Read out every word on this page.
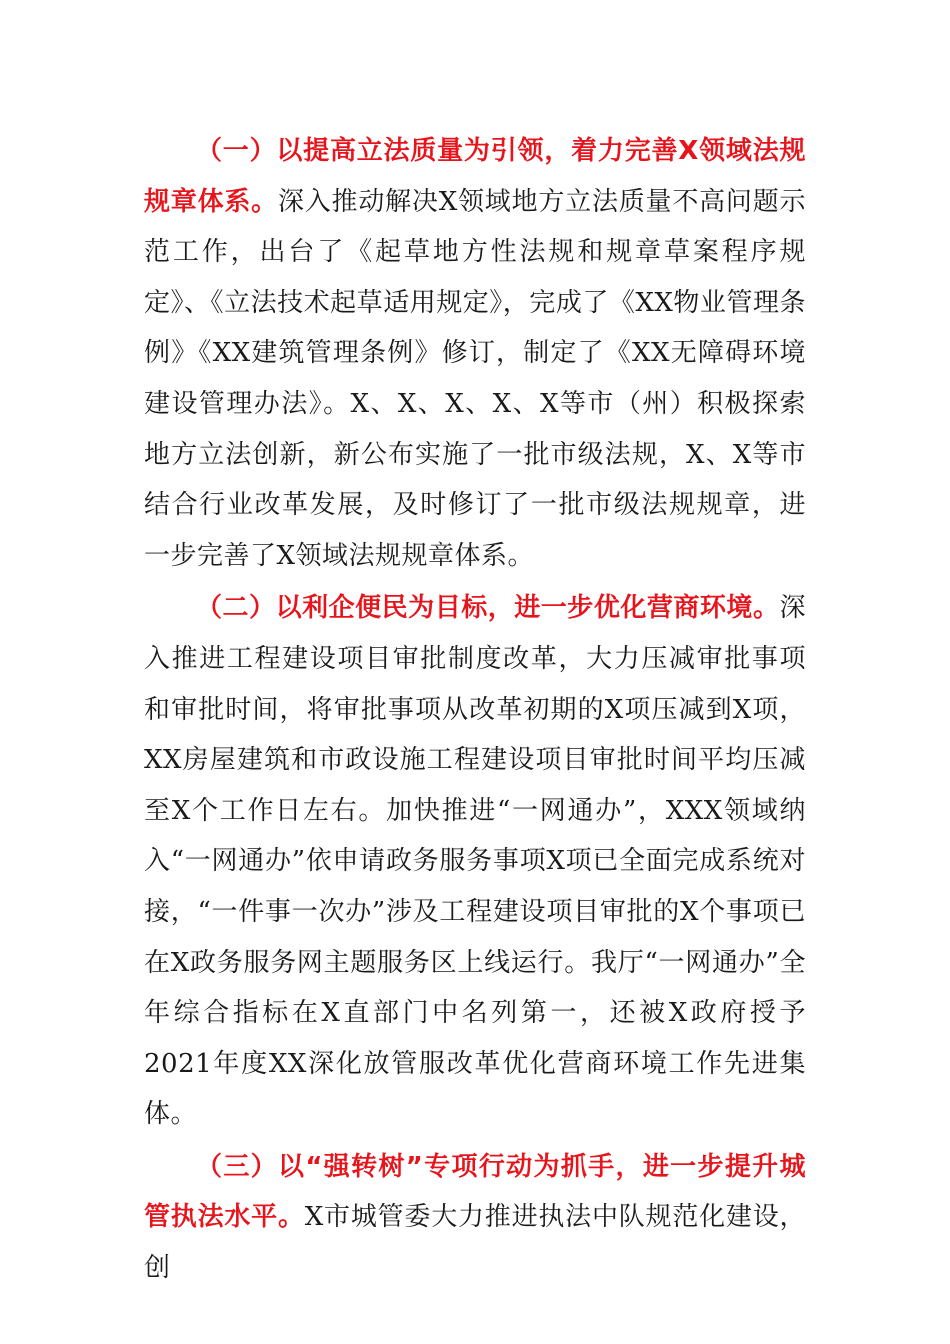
（一）以提高立法质量为引领，着力完善X领域法规规章体系。深入推动解决X领域地方立法质量不高问题示范工作，出台了《起草地方性法规和规章草案程序规定》、《立法技术起草适用规定》，完成了《XX物业管理条例》《XX建筑管理条例》修订，制定了《XX无障碍环境建设管理办法》。X、X、X、X、X等市（州）积极探索地方立法创新，新公布实施了一批市级法规，X、X等市结合行业改革发展，及时修订了一批市级法规规章，进一步完善了X领域法规规章体系。

（二）以利企便民为目标，进一步优化营商环境。深入推进工程建设项目审批制度改革，大力压减审批事项和审批时间，将审批事项从改革初期的X项压减到X项，XX房屋建筑和市政设施工程建设项目审批时间平均压减至X个工作日左右。加快推进“一网通办”，XXX领域纳入“一网通办”依申请政务服务事项X项已全面完成系统对接，“一件事一次办”涉及工程建设项目审批的X个事项已在X政务服务网主题服务区上线运行。我厅“一网通办”全年综合指标在X直部门中名列第一，还被X政府授予2021年度XX深化放管服改革优化营商环境工作先进集体。

（三）以“强转树”专项行动为抓手，进一步提升城管执法水平。X市城管委大力推进执法中队规范化建设，创
